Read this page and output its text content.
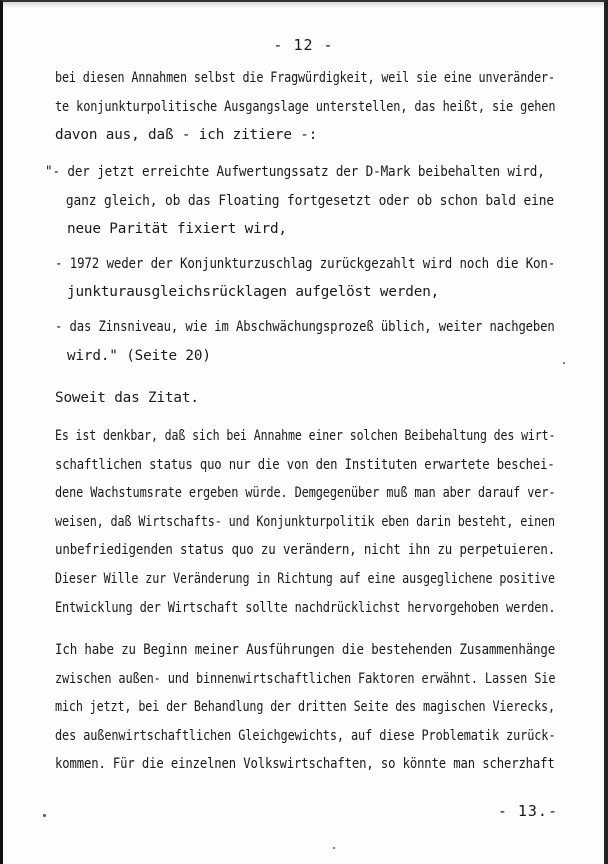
- 12 -
bei diesen Annahmen selbst die Fragwürdigkeit, weil sie eine unveränder-
te konjunkturpolitische Ausgangslage unterstellen, das heißt, sie gehen
davon aus, daß - ich zitiere -:
"- der jetzt erreichte Aufwertungssatz der D-Mark beibehalten wird,
ganz gleich, ob das Floating fortgesetzt oder ob schon bald eine
neue Parität fixiert wird,
- 1972 weder der Konjunkturzuschlag zurückgezahlt wird noch die Kon-
junkturausgleichsrücklagen aufgelöst werden,
- das Zinsniveau, wie im Abschwächungsprozeß üblich, weiter nachgeben
wird." (Seite 20)
Soweit das Zitat.
Es ist denkbar, daß sich bei Annahme einer solchen Beibehaltung des wirt-
schaftlichen status quo nur die von den Instituten erwartete beschei-
dene Wachstumsrate ergeben würde. Demgegenüber muß man aber darauf ver-
weisen, daß Wirtschafts- und Konjunkturpolitik eben darin besteht, einen
unbefriedigenden status quo zu verändern, nicht ihn zu perpetuieren.
Dieser Wille zur Veränderung in Richtung auf eine ausgeglichene positive
Entwicklung der Wirtschaft sollte nachdrücklichst hervorgehoben werden.
Ich habe zu Beginn meiner Ausführungen die bestehenden Zusammenhänge
zwischen außen- und binnenwirtschaftlichen Faktoren erwähnt. Lassen Sie
mich jetzt, bei der Behandlung der dritten Seite des magischen Vierecks,
des außenwirtschaftlichen Gleichgewichts, auf diese Problematik zurück-
kommen. Für die einzelnen Volkswirtschaften, so könnte man scherzhaft
- 13.-
